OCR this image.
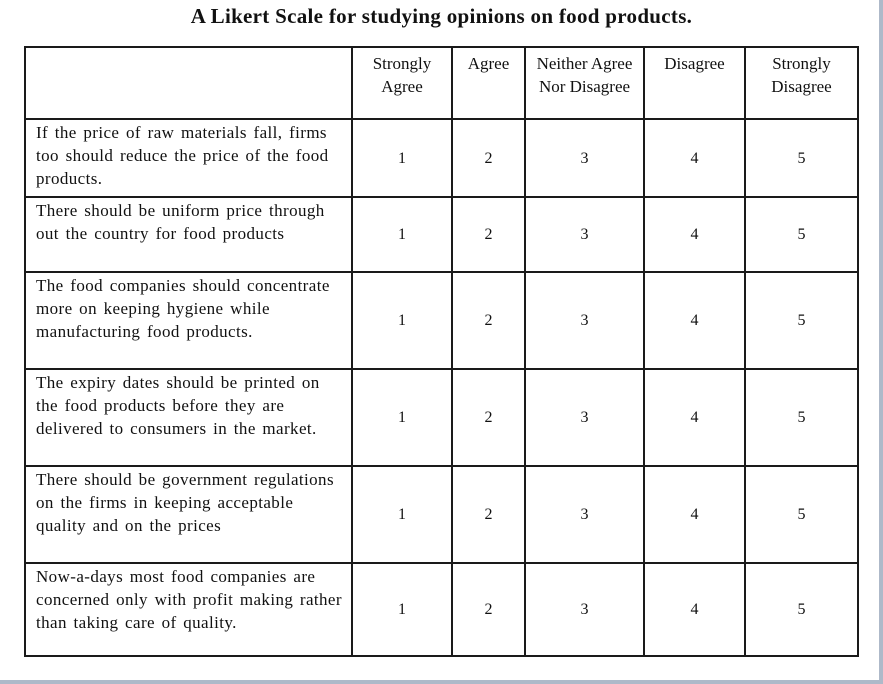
A Likert Scale for studying opinions on food products.
	Strongly Agree	Agree	Neither Agree Nor Disagree	Disagree	Strongly Disagree
If the price of raw materials fall, firms too should reduce the price of the food products.	1	2	3	4	5
There should be uniform price through out the country for food products	1	2	3	4	5
The food companies should concentrate more on keeping hygiene while manufacturing food products.	1	2	3	4	5
The expiry dates should be printed on the food products before they are delivered to consumers in the market.	1	2	3	4	5
There should be government regulations on the firms in keeping acceptable quality and on the prices	1	2	3	4	5
Now-a-days most food companies are concerned only with profit making rather than taking care of quality.	1	2	3	4	5
